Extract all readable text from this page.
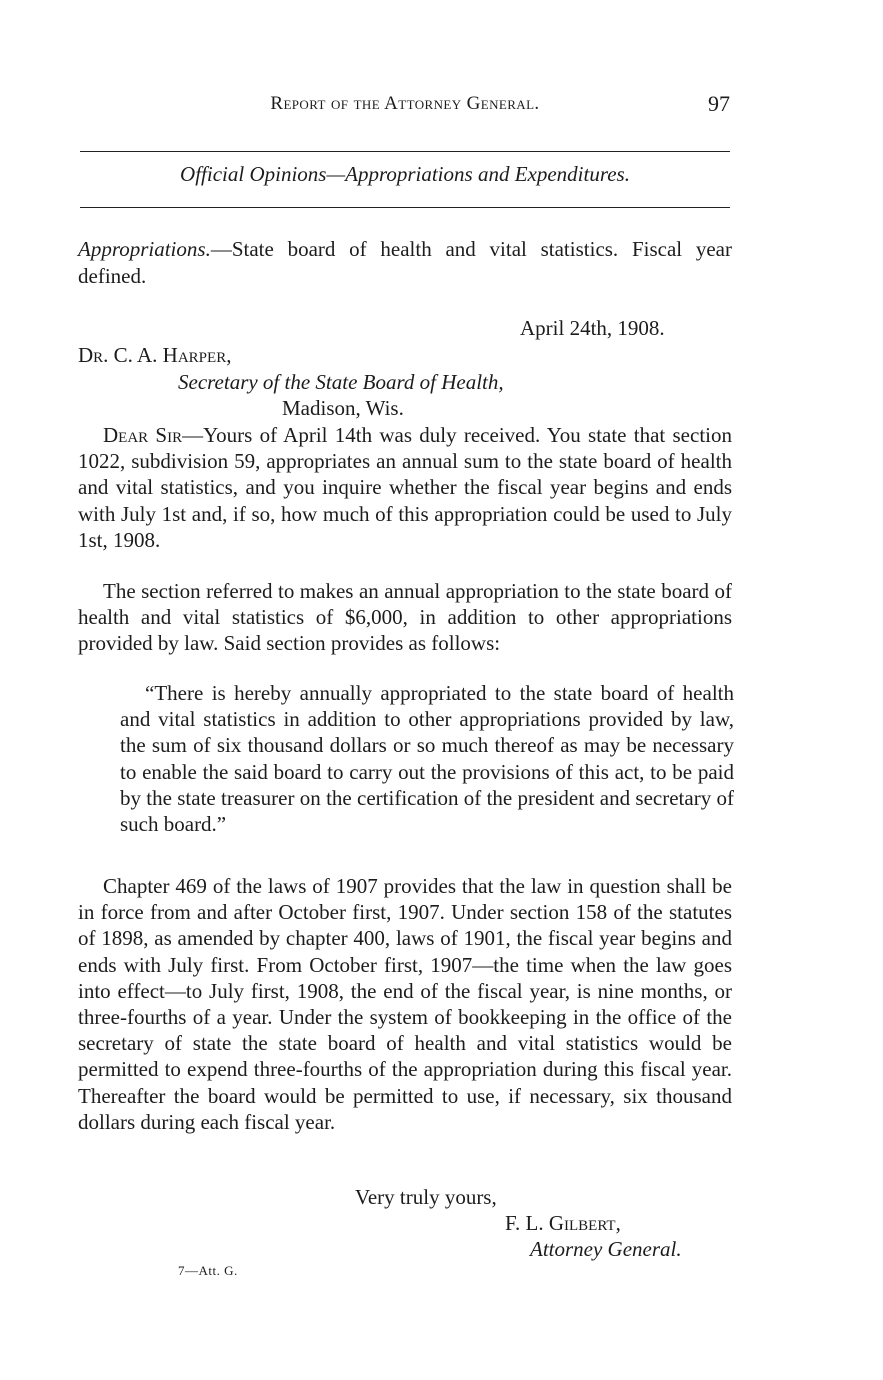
Report of the Attorney General.	97
Official Opinions—Appropriations and Expenditures.
Appropriations.—State board of health and vital statistics. Fiscal year defined.
April 24th, 1908.
Dr. C. A. Harper,
Secretary of the State Board of Health,
Madison, Wis.
Dear Sir—Yours of April 14th was duly received. You state that section 1022, subdivision 59, appropriates an annual sum to the state board of health and vital statistics, and you inquire whether the fiscal year begins and ends with July 1st and, if so, how much of this appropriation could be used to July 1st, 1908.
The section referred to makes an annual appropriation to the state board of health and vital statistics of $6,000, in addition to other appropriations provided by law. Said section provides as follows:
“There is hereby annually appropriated to the state board of health and vital statistics in addition to other appropriations provided by law, the sum of six thousand dollars or so much thereof as may be necessary to enable the said board to carry out the provisions of this act, to be paid by the state treasurer on the certification of the president and secretary of such board.”
Chapter 469 of the laws of 1907 provides that the law in question shall be in force from and after October first, 1907. Under section 158 of the statutes of 1898, as amended by chapter 400, laws of 1901, the fiscal year begins and ends with July first. From October first, 1907—the time when the law goes into effect—to July first, 1908, the end of the fiscal year, is nine months, or three-fourths of a year. Under the system of bookkeeping in the office of the secretary of state the state board of health and vital statistics would be permitted to expend three-fourths of the appropriation during this fiscal year. Thereafter the board would be permitted to use, if necessary, six thousand dollars during each fiscal year.
Very truly yours,
F. L. Gilbert,
Attorney General.
7—Att. G.
